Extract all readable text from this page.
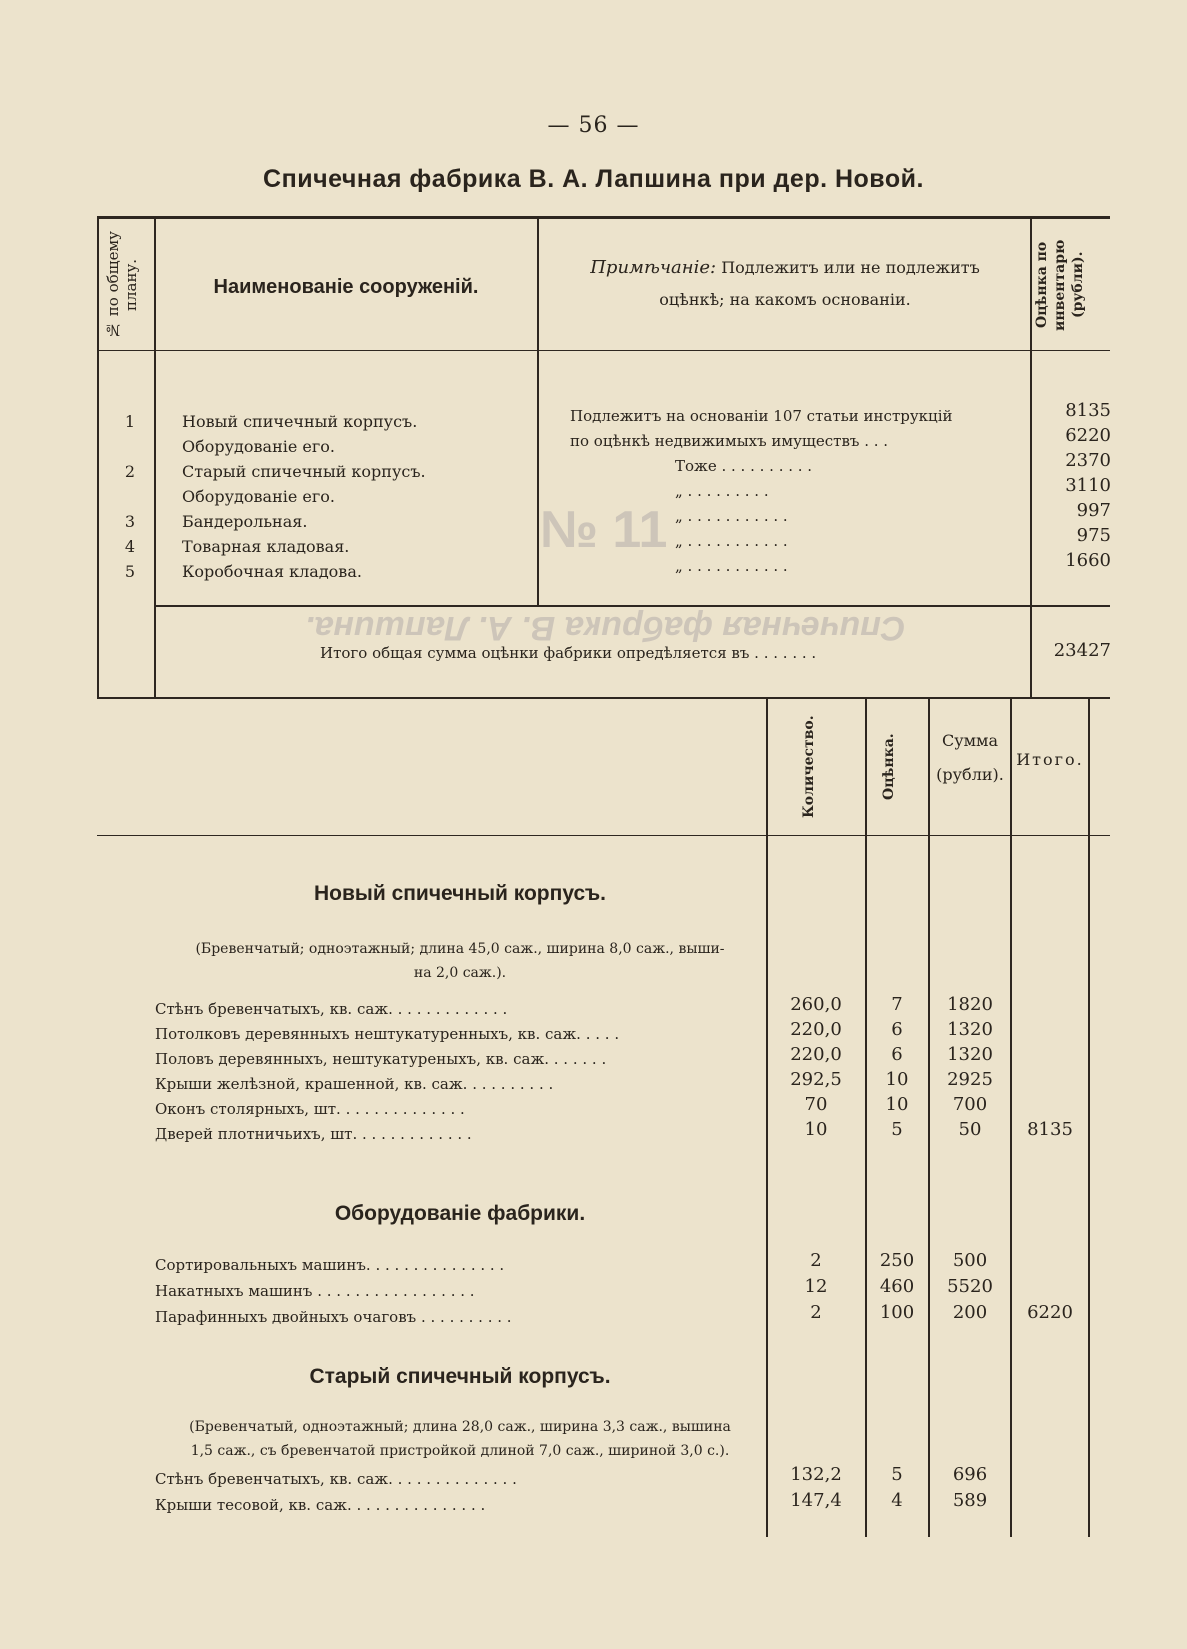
№ 11
Спичечная фабрика В. А. Лапшина.
— 56 —
Спичечная фабрика В. А. Лапшина при дер. Новой.
№ по общему плану.	Наименованіе сооруженій.
Примѣчаніе: Подлежитъ или не подлежитъ
оцѣнкѣ; на какомъ основаніи.	Оцѣнка по инвентарю (рубли).
1	Новый спичечный корпусъ.	Подлежитъ на основаніи 107 статьи инструкцій	8135
Оборудованіе его.	по оцѣнкѣ недвижимыхъ имуществъ . . .	6220
2	Старый спичечный корпусъ.	Тоже . . . . . . . . . .	2370
Оборудованіе его.	„ . . . . . . . . .	3110
3	Бандерольная.	„ . . . . . . . . . . .	997
4	Товарная кладовая.	„ . . . . . . . . . . .	975
5	Коробочная кладова.	„ . . . . . . . . . . .	1660
Итого общая сумма оцѣнки фабрики опредѣляется въ . . . . . . .	23427
Количество.	Оцѣнка.	Сумма
(рубли).
Итого.
Новый спичечный корпусъ.
(Бревенчатый; одноэтажный; длина 45,0 саж., ширина 8,0 саж., выши-
на 2,0 саж.).
Стѣнъ бревенчатыхъ, кв. саж. . . . . . . . . . . . .	260,0	7	1820
Потолковъ деревянныхъ нештукатуренныхъ, кв. саж. . . . .	220,0	6	1320
Половъ деревянныхъ, нештукатуреныхъ, кв. саж. . . . . . .	220,0	6	1320
Крыши желѣзной, крашенной, кв. саж. . . . . . . . . .	292,5	10	2925
Оконъ столярныхъ, шт. . . . . . . . . . . . . .	70	10	700
Дверей плотничьихъ, шт. . . . . . . . . . . . .	10	5	50	8135
Оборудованіе фабрики.
Сортировальныхъ машинъ. . . . . . . . . . . . . . .	2	250	500
Накатныхъ машинъ . . . . . . . . . . . . . . . . .	12	460	5520
Парафинныхъ двойныхъ очаговъ . . . . . . . . . .	2	100	200	6220
Старый спичечный корпусъ.
(Бревенчатый, одноэтажный; длина 28,0 саж., ширина 3,3 саж., вышина
1,5 саж., съ бревенчатой пристройкой длиной 7,0 саж., шириной 3,0 с.).
Стѣнъ бревенчатыхъ, кв. саж. . . . . . . . . . . . . .	132,2	5	696
Крыши тесовой, кв. саж. . . . . . . . . . . . . . .	147,4	4	589
